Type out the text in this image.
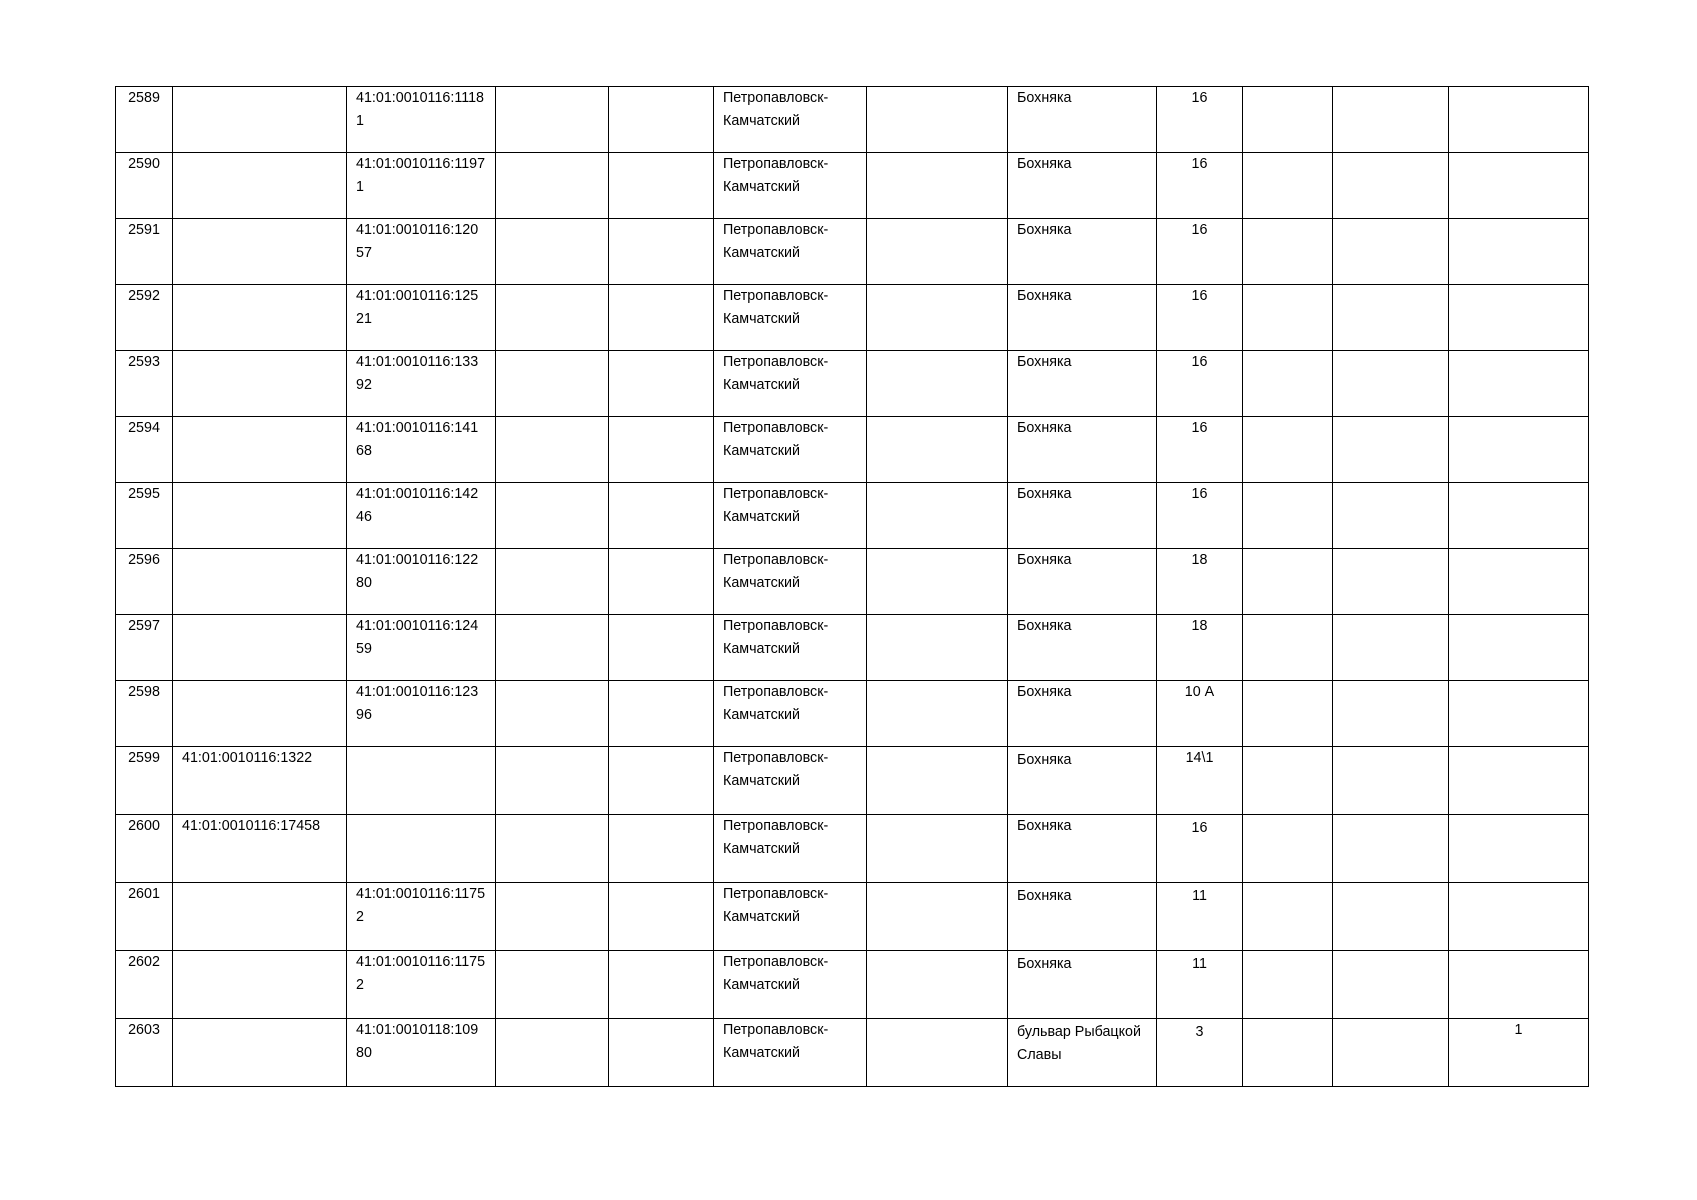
2589		41:01:0010116:11181			Петропавловск-Камчатский		Бохняка	16			
2590		41:01:0010116:11971			Петропавловск-Камчатский		Бохняка	16			
2591		41:01:0010116:12057			Петропавловск-Камчатский		Бохняка	16			
2592		41:01:0010116:12521			Петропавловск-Камчатский		Бохняка	16			
2593		41:01:0010116:13392			Петропавловск-Камчатский		Бохняка	16			
2594		41:01:0010116:14168			Петропавловск-Камчатский		Бохняка	16			
2595		41:01:0010116:14246			Петропавловск-Камчатский		Бохняка	16			
2596		41:01:0010116:12280			Петропавловск-Камчатский		Бохняка	18			
2597		41:01:0010116:12459			Петропавловск-Камчатский		Бохняка	18			
2598		41:01:0010116:12396			Петропавловск-Камчатский		Бохняка	10 А			
2599	41:01:0010116:1322				Петропавловск-Камчатский		Бохняка	14\1			
2600	41:01:0010116:17458				Петропавловск-Камчатский		Бохняка	16			
2601		41:01:0010116:11752			Петропавловск-Камчатский		Бохняка	11			
2602		41:01:0010116:11752			Петропавловск-Камчатский		Бохняка	11			
2603		41:01:0010118:10980			Петропавловск-Камчатский		бульвар Рыбацкой Славы	3			1
